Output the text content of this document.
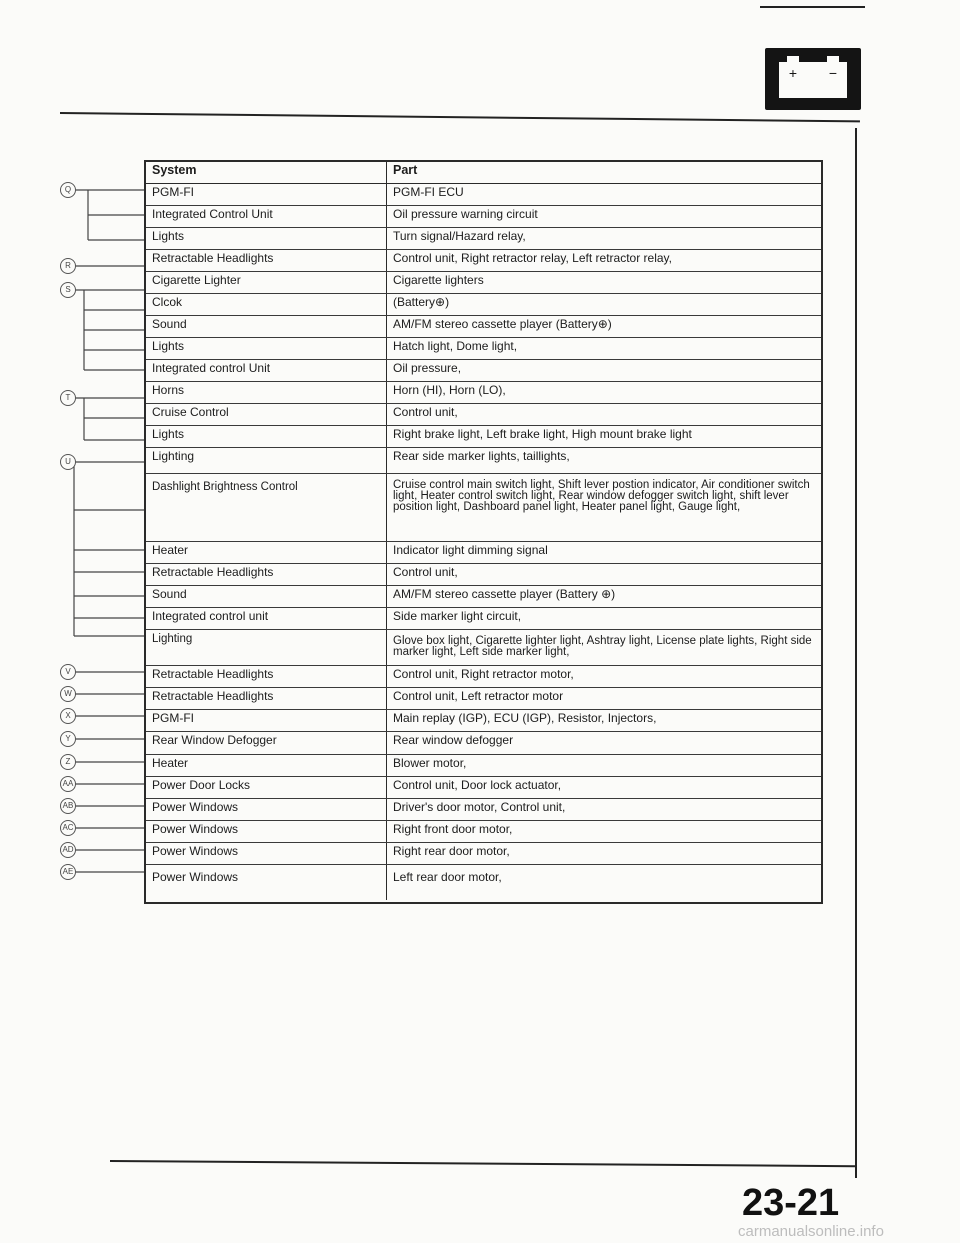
+ −
Q
R
S
T
U
V
W
X
Y
Z
AA
AB
AC
AD
AE
System	Part
PGM-FI	PGM-FI ECU
Integrated Control Unit	Oil pressure warning circuit
Lights	Turn signal/Hazard relay,
Retractable Headlights	Control unit, Right retractor relay, Left retractor relay,
Cigarette Lighter	Cigarette lighters
Clcok	(Battery⊕)
Sound	AM/FM stereo cassette player (Battery⊕)
Lights	Hatch light, Dome light,
Integrated control Unit	Oil pressure,
Horns	Horn (HI), Horn (LO),
Cruise Control	Control unit,
Lights	Right brake light, Left brake light, High mount brake light
Lighting	Rear side marker lights, taillights,
Dashlight Brightness Control	Cruise control main switch light, Shift lever postion indicator, Air conditioner switch light, Heater control switch light, Rear window defogger switch light, shift lever position light, Dashboard panel light, Heater panel light, Gauge light,
Heater	Indicator light dimming signal
Retractable Headlights	Control unit,
Sound	AM/FM stereo cassette player (Battery ⊕)
Integrated control unit	Side marker light circuit,
Lighting	Glove box light, Cigarette lighter light, Ashtray light, License plate lights, Right side marker light, Left side marker light,
Retractable Headlights	Control unit, Right retractor motor,
Retractable Headlights	Control unit, Left retractor motor
PGM-FI	Main replay (IGP), ECU (IGP), Resistor, Injectors,
Rear Window Defogger	Rear window defogger
Heater	Blower motor,
Power Door Locks	Control unit, Door lock actuator,
Power Windows	Driver's door motor, Control unit,
Power Windows	Right front door motor,
Power Windows	Right rear door motor,
Power Windows	Left rear door motor,
23-21
carmanualsonline.info
